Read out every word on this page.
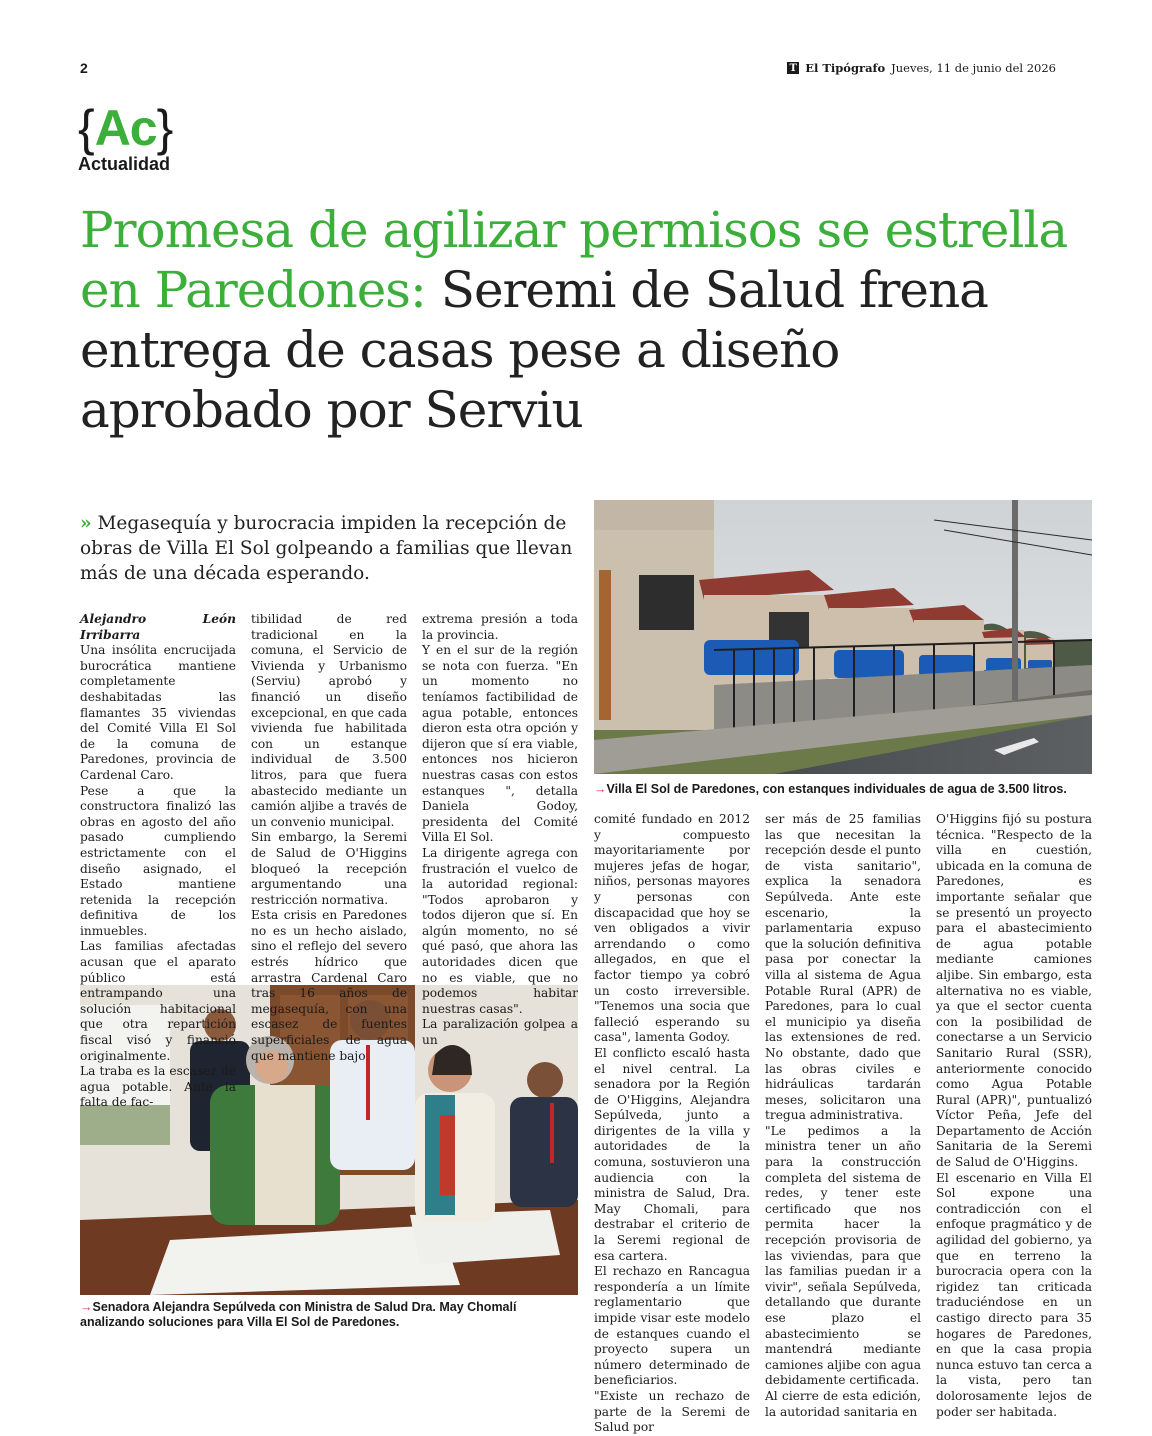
2	T El Tipógrafo Jueves, 11 de junio del 2026
{ Ac }
Actualidad
Promesa de agilizar permisos se estrella en Paredones: Seremi de Salud frena entrega de casas pese a diseño aprobado por Serviu
» Megasequía y burocracia impiden la recepción de obras de Villa El Sol golpeando a familias que llevan más de una década esperando.
→Villa El Sol de Paredones, con estanques individuales de agua de 3.500 litros.
→Senadora Alejandra Sepúlveda con Ministra de Salud Dra. May Chomalí analizando soluciones para Villa El Sol de Paredones.

Alejandro León Irribarra

Una insólita encrucijada burocrática mantiene completamente deshabitadas las flamantes 35 viviendas del Comité Villa El Sol de la comuna de Paredones, provincia de Cardenal Caro.

Pese a que la constructora finalizó las obras en agosto del año pasado cumpliendo estrictamente con el diseño asignado, el Estado mantiene retenida la recepción definitiva de los inmuebles.

Las familias afectadas acusan que el aparato público está entrampando una solución habitacional que otra repartición fiscal visó y financió originalmente.

La traba es la escasez de agua potable. Ante la falta de fac-

tibilidad de red tradicional en la comuna, el Servicio de Vivienda y Urbanismo (Serviu) aprobó y financió un diseño excepcional, en que cada vivienda fue habilitada con un estanque individual de 3.500 litros, para que fuera abastecido mediante un camión aljibe a través de un convenio municipal.

Sin embargo, la Seremi de Salud de O'Higgins bloqueó la recepción argumentando una restricción normativa.

Esta crisis en Paredones no es un hecho aislado, sino el reflejo del severo estrés hídrico que arrastra Cardenal Caro tras 16 años de megasequía, con una escasez de fuentes superficiales de agua que mantiene bajo

extrema presión a toda la provincia.

Y en el sur de la región se nota con fuerza. "En un momento no teníamos factibilidad de agua potable, entonces dieron esta otra opción y dijeron que sí era viable, entonces nos hicieron nuestras casas con estos estanques ", detalla Daniela Godoy, presidenta del Comité Villa El Sol.

La dirigente agrega con frustración el vuelco de la autoridad regional: "Todos aprobaron y todos dijeron que sí. En algún momento, no sé qué pasó, que ahora las autoridades dicen que no es viable, que no podemos habitar nuestras casas".

La paralización golpea a un

comité fundado en 2012 y compuesto mayoritariamente por mujeres jefas de hogar, niños, personas mayores y personas con discapacidad que hoy se ven obligados a vivir arrendando o como allegados, en que el factor tiempo ya cobró un costo irreversible. "Tenemos una socia que falleció esperando su casa", lamenta Godoy.

El conflicto escaló hasta el nivel central. La senadora por la Región de O'Higgins, Alejandra Sepúlveda, junto a dirigentes de la villa y autoridades de la comuna, sostuvieron una audiencia con la ministra de Salud, Dra. May Chomali, para destrabar el criterio de la Seremi regional de esa cartera.

El rechazo en Rancagua respondería a un límite reglamentario que impide visar este modelo de estanques cuando el proyecto supera un número determinado de beneficiarios.

"Existe un rechazo de parte de la Seremi de Salud por

ser más de 25 familias las que necesitan la recepción desde el punto de vista sanitario", explica la senadora Sepúlveda. Ante este escenario, la parlamentaria expuso que la solución definitiva pasa por conectar la villa al sistema de Agua Potable Rural (APR) de Paredones, para lo cual el municipio ya diseña las extensiones de red. No obstante, dado que las obras civiles e hidráulicas tardarán meses, solicitaron una tregua administrativa.

"Le pedimos a la ministra tener un año para la construcción completa del sistema de redes, y tener este certificado que nos permita hacer la recepción provisoria de las viviendas, para que las familias puedan ir a vivir", señala Sepúlveda, detallando que durante ese plazo el abastecimiento se mantendrá mediante camiones aljibe con agua debidamente certificada.

Al cierre de esta edición, la autoridad sanitaria en

O'Higgins fijó su postura técnica. "Respecto de la villa en cuestión, ubicada en la comuna de Paredones, es importante señalar que se presentó un proyecto para el abastecimiento de agua potable mediante camiones aljibe. Sin embargo, esta alternativa no es viable, ya que el sector cuenta con la posibilidad de conectarse a un Servicio Sanitario Rural (SSR), anteriormente conocido como Agua Potable Rural (APR)", puntualizó Víctor Peña, Jefe del Departamento de Acción Sanitaria de la Seremi de Salud de O'Higgins.

El escenario en Villa El Sol expone una contradicción con el enfoque pragmático y de agilidad del gobierno, ya que en terreno la burocracia opera con la rigidez tan criticada traduciéndose en un castigo directo para 35 hogares de Paredones, en que la casa propia nunca estuvo tan cerca a la vista, pero tan dolorosamente lejos de poder ser habitada.
